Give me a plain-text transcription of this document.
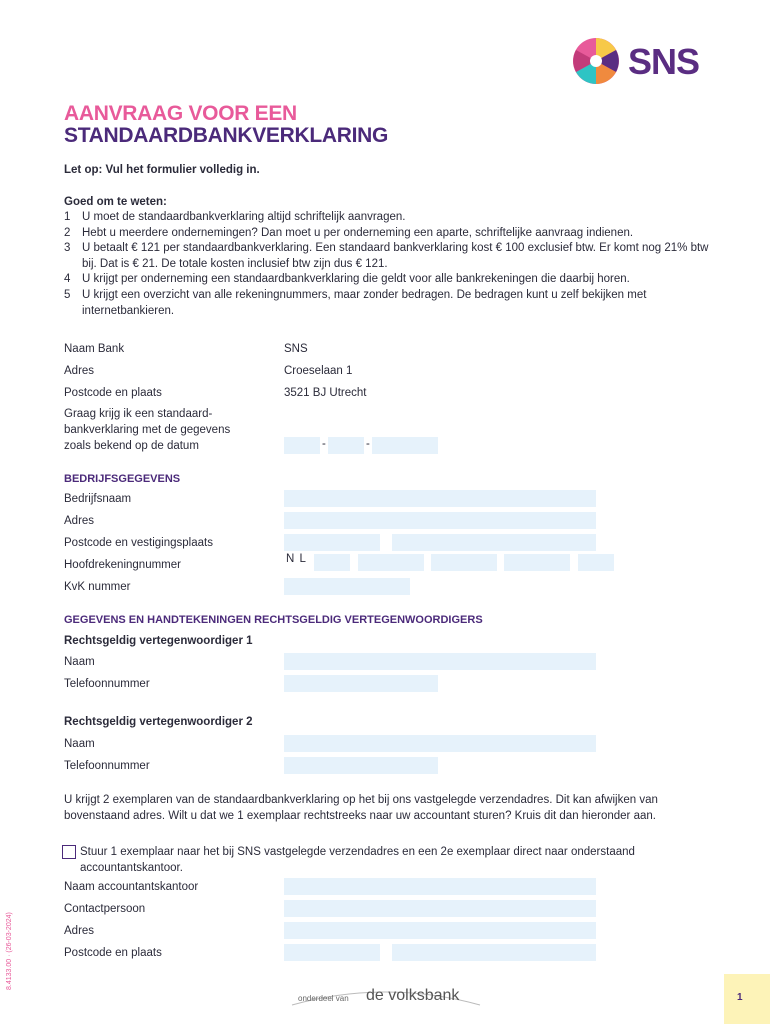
SNS
AANVRAAG VOOR EEN
STANDAARDBANKVERKLARING
Let op: Vul het formulier volledig in.
Goed om te weten:
1 U moet de standaardbankverklaring altijd schriftelijk aanvragen.
2 Hebt u meerdere ondernemingen? Dan moet u per onderneming een aparte, schriftelijke aanvraag indienen.
3 U betaalt € 121 per standaardbankverklaring. Een standaard bankverklaring kost € 100 exclusief btw. Er komt nog 21% btw bij. Dat is € 21. De totale kosten inclusief btw zijn dus € 121.
4 U krijgt per onderneming een standaardbankverklaring die geldt voor alle bankrekeningen die daarbij horen.
5 U krijgt een overzicht van alle rekeningnummers, maar zonder bedragen. De bedragen kunt u zelf bekijken met internetbankieren.
Naam Bank	SNS
Adres	Croeselaan 1
Postcode en plaats	3521 BJ Utrecht
Graag krijg ik een standaard-
bankverklaring met de gegevens
zoals bekend op de datum	-	-
BEDRIJFSGEGEVENS
Bedrijfsnaam
Adres
Postcode en vestigingsplaats
Hoofdrekeningnummer	N L
KvK nummer
GEGEVENS EN HANDTEKENINGEN RECHTSGELDIG VERTEGENWOORDIGERS
Rechtsgeldig vertegenwoordiger 1
Naam
Telefoonnummer
Rechtsgeldig vertegenwoordiger 2
Naam
Telefoonnummer
U krijgt 2 exemplaren van de standaardbankverklaring op het bij ons vastgelegde verzendadres. Dit kan afwijken van bovenstaand adres. Wilt u dat we 1 exemplaar rechtstreeks naar uw accountant sturen? Kruis dit dan hieronder aan.
Stuur 1 exemplaar naar het bij SNS vastgelegde verzendadres en een 2e exemplaar direct naar onderstaand accountantskantoor.
Naam accountantskantoor
Contactpersoon
Adres
Postcode en plaats
8.4133.00 · (26-03-2024)
onderdeel van de volksbank	1
